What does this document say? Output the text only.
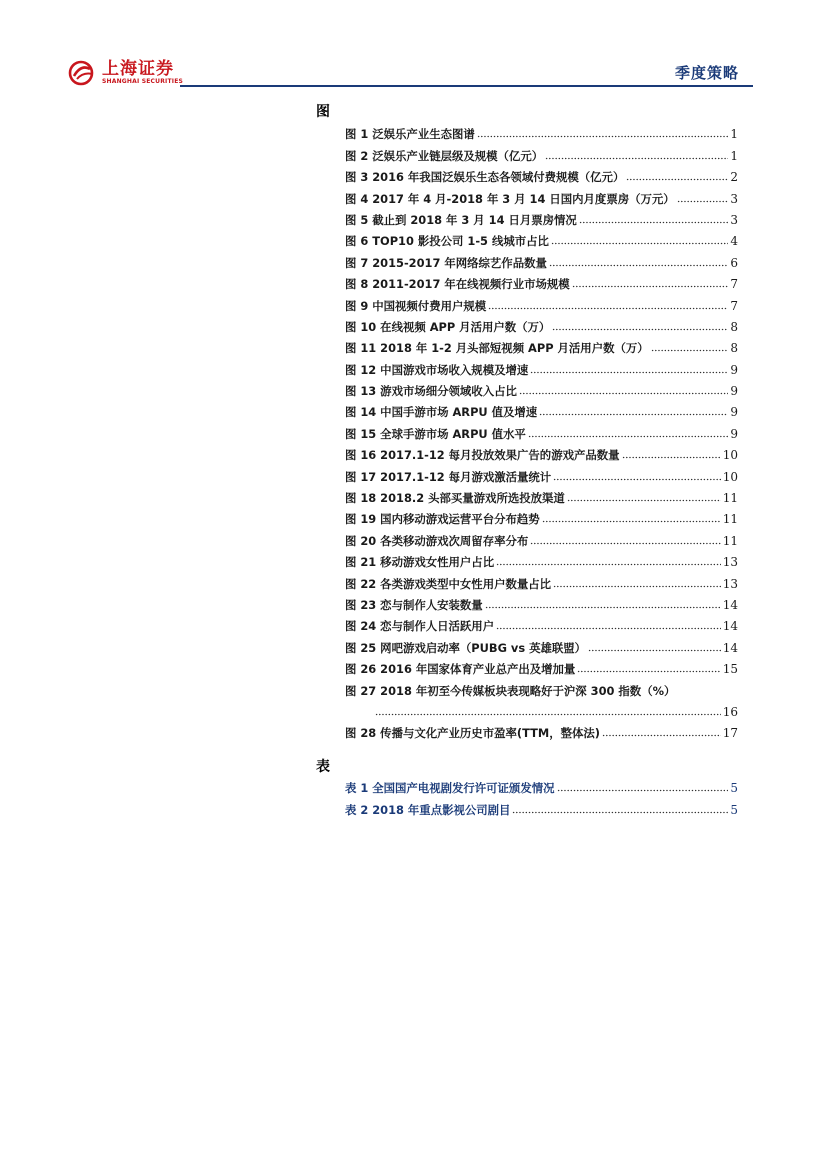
上海证券
SHANGHAI SECURITIES	季度策略
图
图 1 泛娱乐产业生态图谱	1
图 2 泛娱乐产业链层级及规模（亿元）	1
图 3 2016 年我国泛娱乐生态各领域付费规模（亿元）	2
图 4 2017 年 4 月-2018 年 3 月 14 日国内月度票房（万元）	3
图 5 截止到 2018 年 3 月 14 日月票房情况	3
图 6 TOP10 影投公司 1-5 线城市占比	4
图 7 2015-2017 年网络综艺作品数量	6
图 8 2011-2017 年在线视频行业市场规模	7
图 9 中国视频付费用户规模	7
图 10 在线视频 APP 月活用户数（万）	8
图 11 2018 年 1-2 月头部短视频 APP 月活用户数（万）	8
图 12 中国游戏市场收入规模及增速	9
图 13 游戏市场细分领域收入占比	9
图 14 中国手游市场 ARPU 值及增速	9
图 15 全球手游市场 ARPU 值水平	9
图 16 2017.1-12 每月投放效果广告的游戏产品数量	10
图 17 2017.1-12 每月游戏激活量统计	10
图 18 2018.2 头部买量游戏所选投放渠道	11
图 19 国内移动游戏运营平台分布趋势	11
图 20 各类移动游戏次周留存率分布	11
图 21 移动游戏女性用户占比	13
图 22 各类游戏类型中女性用户数量占比	13
图 23 恋与制作人安装数量	14
图 24 恋与制作人日活跃用户	14
图 25 网吧游戏启动率（PUBG vs 英雄联盟）	14
图 26 2016 年国家体育产业总产出及增加量	15
图 27 2018 年初至今传媒板块表现略好于沪深 300 指数（%）
16
图 28 传播与文化产业历史市盈率(TTM，整体法)	17
表
表 1 全国国产电视剧发行许可证颁发情况	5
表 2 2018 年重点影视公司剧目	5
